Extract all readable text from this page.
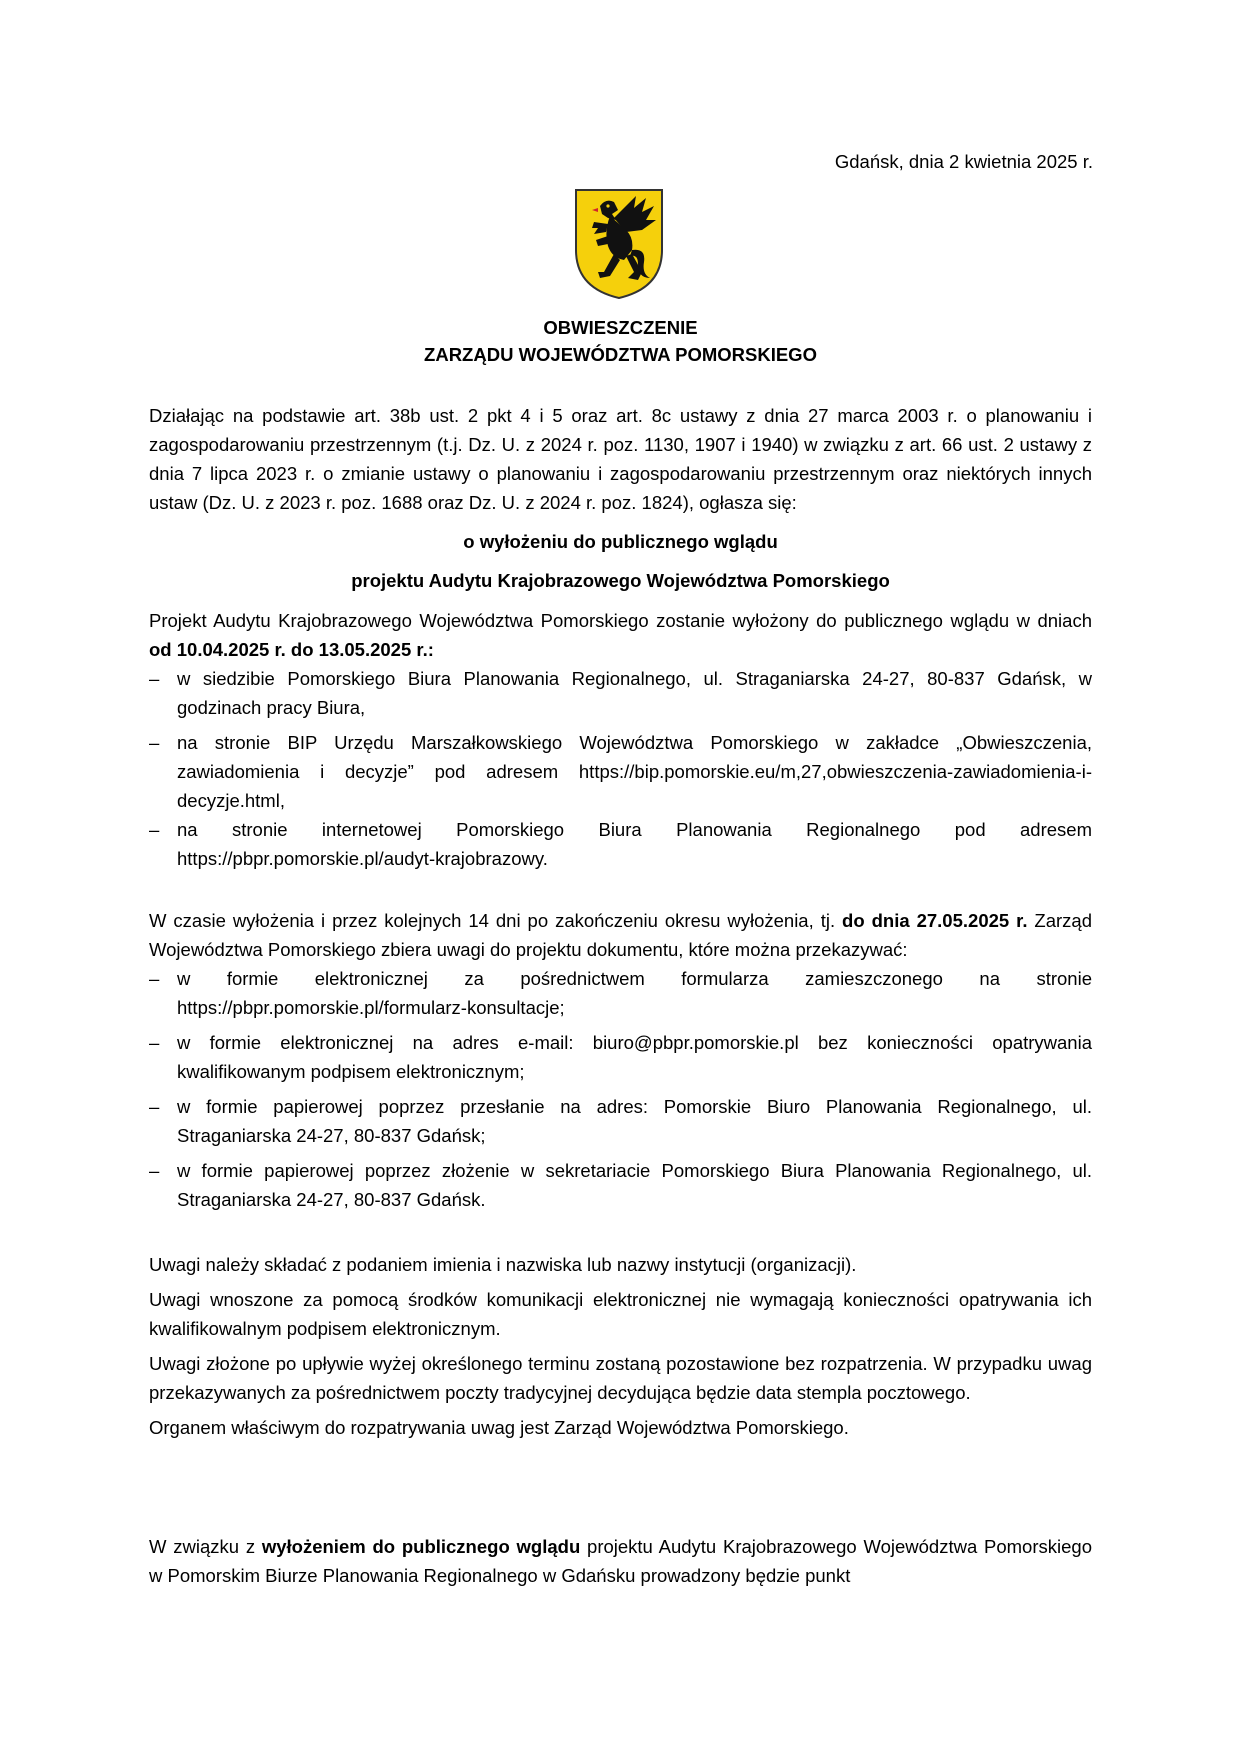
Gdańsk, dnia 2 kwietnia 2025 r.
OBWIESZCZENIE
ZARZĄDU WOJEWÓDZTWA POMORSKIEGO
Działając na podstawie art. 38b ust. 2 pkt 4 i 5 oraz art. 8c ustawy z dnia 27 marca 2003 r. o planowaniu i zagospodarowaniu przestrzennym (t.j. Dz. U. z 2024 r. poz. 1130, 1907 i 1940) w związku z art. 66 ust. 2 ustawy z dnia 7 lipca 2023 r. o zmianie ustawy o planowaniu i zagospodarowaniu przestrzennym oraz niektórych innych ustaw (Dz. U. z 2023 r. poz. 1688 oraz Dz. U. z 2024 r. poz. 1824), ogłasza się:
o wyłożeniu do publicznego wglądu
projektu Audytu Krajobrazowego Województwa Pomorskiego
Projekt Audytu Krajobrazowego Województwa Pomorskiego zostanie wyłożony do publicznego wglądu w dniach od 10.04.2025 r. do 13.05.2025 r.:
– w siedzibie Pomorskiego Biura Planowania Regionalnego, ul. Straganiarska 24-27, 80-837 Gdańsk, w godzinach pracy Biura,
– na stronie BIP Urzędu Marszałkowskiego Województwa Pomorskiego w zakładce „Obwieszczenia, zawiadomienia i decyzje” pod adresem https://bip.pomorskie.eu/m,27,obwieszczenia-zawiadomienia-i-decyzje.html,
– na stronie internetowej Pomorskiego Biura Planowania Regionalnego pod adresem https://pbpr.pomorskie.pl/audyt-krajobrazowy.
W czasie wyłożenia i przez kolejnych 14 dni po zakończeniu okresu wyłożenia, tj. do dnia 27.05.2025 r. Zarząd Województwa Pomorskiego zbiera uwagi do projektu dokumentu, które można przekazywać:
– w formie elektronicznej za pośrednictwem formularza zamieszczonego na stronie https://pbpr.pomorskie.pl/formularz-konsultacje;
– w formie elektronicznej na adres e-mail: biuro@pbpr.pomorskie.pl bez konieczności opatrywania kwalifikowanym podpisem elektronicznym;
– w formie papierowej poprzez przesłanie na adres: Pomorskie Biuro Planowania Regionalnego, ul. Straganiarska 24-27, 80-837 Gdańsk;
– w formie papierowej poprzez złożenie w sekretariacie Pomorskiego Biura Planowania Regionalnego, ul. Straganiarska 24-27, 80-837 Gdańsk.
Uwagi należy składać z podaniem imienia i nazwiska lub nazwy instytucji (organizacji).
Uwagi wnoszone za pomocą środków komunikacji elektronicznej nie wymagają konieczności opatrywania ich kwalifikowalnym podpisem elektronicznym.
Uwagi złożone po upływie wyżej określonego terminu zostaną pozostawione bez rozpatrzenia. W przypadku uwag przekazywanych za pośrednictwem poczty tradycyjnej decydująca będzie data stempla pocztowego.
Organem właściwym do rozpatrywania uwag jest Zarząd Województwa Pomorskiego.
W związku z wyłożeniem do publicznego wglądu projektu Audytu Krajobrazowego Województwa Pomorskiego w Pomorskim Biurze Planowania Regionalnego w Gdańsku prowadzony będzie punkt
